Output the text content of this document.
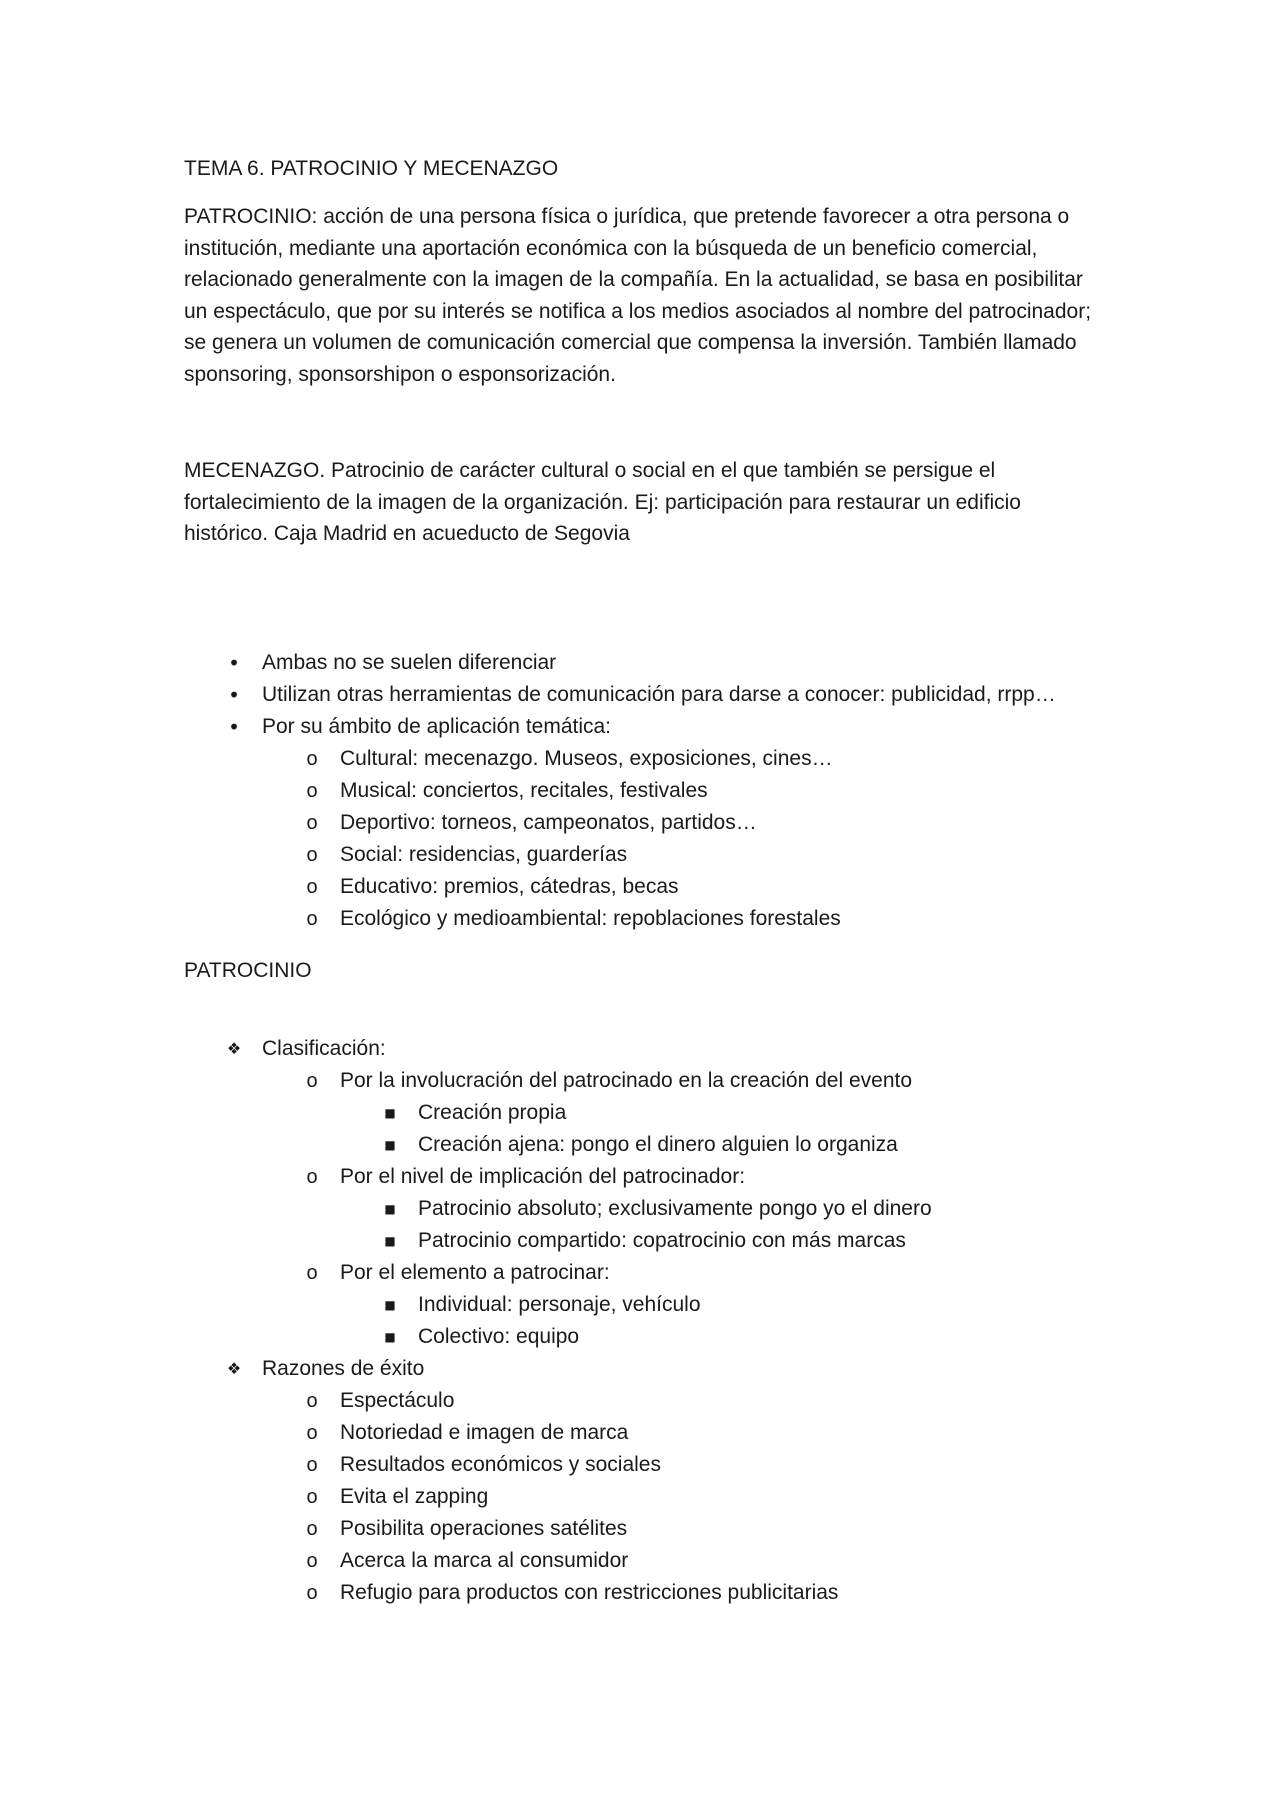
TEMA 6. PATROCINIO Y MECENAZGO

PATROCINIO: acción de una persona física o jurídica, que pretende favorecer a otra persona o institución, mediante una aportación económica con la búsqueda de un beneficio comercial, relacionado generalmente con la imagen de la compañía. En la actualidad, se basa en posibilitar un espectáculo, que por su interés se notifica a los medios asociados al nombre del patrocinador; se genera un volumen de comunicación comercial que compensa la inversión. También llamado sponsoring, sponsorshipon o esponsorización.

MECENAZGO. Patrocinio de carácter cultural o social en el que también se persigue el fortalecimiento de la imagen de la organización. Ej: participación para restaurar un edificio histórico. Caja Madrid en acueducto de Segovia

• Ambas no se suelen diferenciar
• Utilizan otras herramientas de comunicación para darse a conocer: publicidad, rrpp…
• Por su ámbito de aplicación temática:
o Cultural: mecenazgo. Museos, exposiciones, cines…
o Musical: conciertos, recitales, festivales
o Deportivo: torneos, campeonatos, partidos…
o Social: residencias, guarderías
o Educativo: premios, cátedras, becas
o Ecológico y medioambiental: repoblaciones forestales

PATROCINIO

❖ Clasificación:
o Por la involucración del patrocinado en la creación del evento
■ Creación propia
■ Creación ajena: pongo el dinero alguien lo organiza
o Por el nivel de implicación del patrocinador:
■ Patrocinio absoluto; exclusivamente pongo yo el dinero
■ Patrocinio compartido: copatrocinio con más marcas
o Por el elemento a patrocinar:
■ Individual: personaje, vehículo
■ Colectivo: equipo
❖ Razones de éxito
o Espectáculo
o Notoriedad e imagen de marca
o Resultados económicos y sociales
o Evita el zapping
o Posibilita operaciones satélites
o Acerca la marca al consumidor
o Refugio para productos con restricciones publicitarias
